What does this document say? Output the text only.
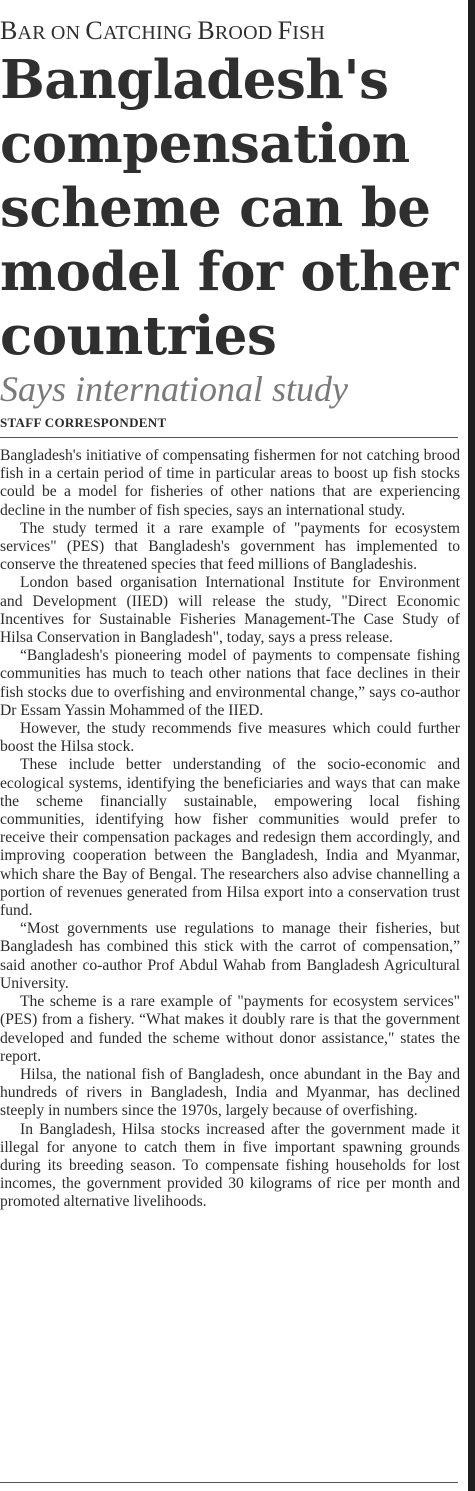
BAR ON CATCHING BROOD FISH
Bangladesh's
compensation
scheme can be
model for other
countries
Says international study
STAFF CORRESPONDENT

Bangladesh's initiative of compensating fishermen for not catching brood fish in a certain period of time in particular areas to boost up fish stocks could be a model for fisheries of other nations that are experiencing decline in the number of fish species, says an international study.

The study termed it a rare example of "payments for ecosystem services" (PES) that Bangladesh's government has implemented to conserve the threatened species that feed millions of Bangladeshis.

London based organisation International Institute for Environment and Development (IIED) will release the study, "Direct Economic Incentives for Sustainable Fisheries Management-The Case Study of Hilsa Conservation in Bangladesh", today, says a press release.

“Bangladesh's pioneering model of payments to compensate fishing communities has much to teach other nations that face declines in their fish stocks due to overfishing and environmental change,” says co-author Dr Essam Yassin Mohammed of the IIED.

However, the study recommends five measures which could further boost the Hilsa stock.

These include better understanding of the socio-economic and ecological systems, identifying the beneficiaries and ways that can make the scheme financially sustainable, empowering local fishing communities, identifying how fisher communities would prefer to receive their compensation packages and redesign them accordingly, and improving cooperation between the Bangladesh, India and Myanmar, which share the Bay of Bengal. The researchers also advise channelling a portion of revenues generated from Hilsa export into a conservation trust fund.

“Most governments use regulations to manage their fisheries, but Bangladesh has combined this stick with the carrot of compensation,” said another co-author Prof Abdul Wahab from Bangladesh Agricultural University.

The scheme is a rare example of "payments for ecosystem services" (PES) from a fishery. “What makes it doubly rare is that the government developed and funded the scheme without donor assistance," states the report.

Hilsa, the national fish of Bangladesh, once abundant in the Bay and hundreds of rivers in Bangladesh, India and Myanmar, has declined steeply in numbers since the 1970s, largely because of overfishing.

In Bangladesh, Hilsa stocks increased after the government made it illegal for anyone to catch them in five important spawning grounds during its breeding season. To compensate fishing households for lost incomes, the government provided 30 kilograms of rice per month and promoted alternative livelihoods.
